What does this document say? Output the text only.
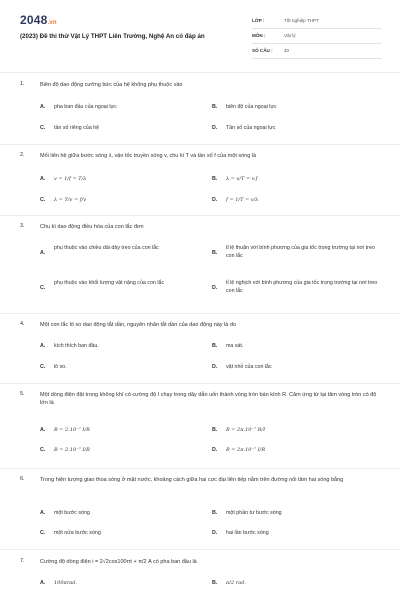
2048.vn
(2023) Đề thi thử Vật Lý THPT Liên Trường, Nghệ An có đáp án
LỚP :	Tốt nghiệp THPT
MÔN :	Vật lý
SỐ CÂU : 40
1.	Biên độ dao động cưỡng bức của hệ không phụ thuộc vào
A. pha ban đầu của ngoại lực	B. biên độ của ngoại lực
C. tần số riêng của hệ	D. Tần số của ngoại lực
2.	Mối liên hệ giữa bước sóng λ, vận tốc truyền sóng v, chu kì T và tần số f của một sóng là
A. v = 1/f = T/λ	B. λ = v/T = v.f
C. λ = T/v = f/v	D. f = 1/T = v/λ
3.	Chu kì dao động điều hòa của con lắc đơn
A.
phụ thuộc vào chiều dài dây treo của con lắc
B.
tỉ lệ thuận với bình phương của gia tốc trọng trường tại nơi treo con lắc
C.
phụ thuộc vào khối lượng vật nặng của con lắc
D.
tỉ lệ nghịch với bình phương của gia tốc trọng trường tại nơi treo con lắc
4.	Một con lắc lò xo dao động tắt dần, nguyên nhân tắt dần của dao động này là do
A. kích thích ban đầu.	B. ma sát.
C. lò xo.	D. vật nhỏ của con lắc
5.	Một dòng điện đặt trong không khí có cường độ I chạy trong dây dẫn uốn thành vòng tròn bán kính R. Cảm ứng từ tại tâm vòng tròn có độ lớn là
A. B = 2.10⁻⁷ I/R	B. B = 2π.10⁻⁷ R/I
C. B = 2.10⁻⁷ I/R	D. B = 2π.10⁻⁷ I/R
6.	Trong hiện tượng giao thoa sóng ở mặt nước, khoảng cách giữa hai cực đại liên tiếp nằm trên đường nối tâm hai sóng bằng
A. một bước sóng	B. một phần tư bước sóng
C. một nửa bước sóng	D. hai lần bước sóng
7.	Cường độ dòng điện i = 2√2cos100πt + π/2 A có pha ban đầu là
A. 100πrad.	B. π/2 rad.
